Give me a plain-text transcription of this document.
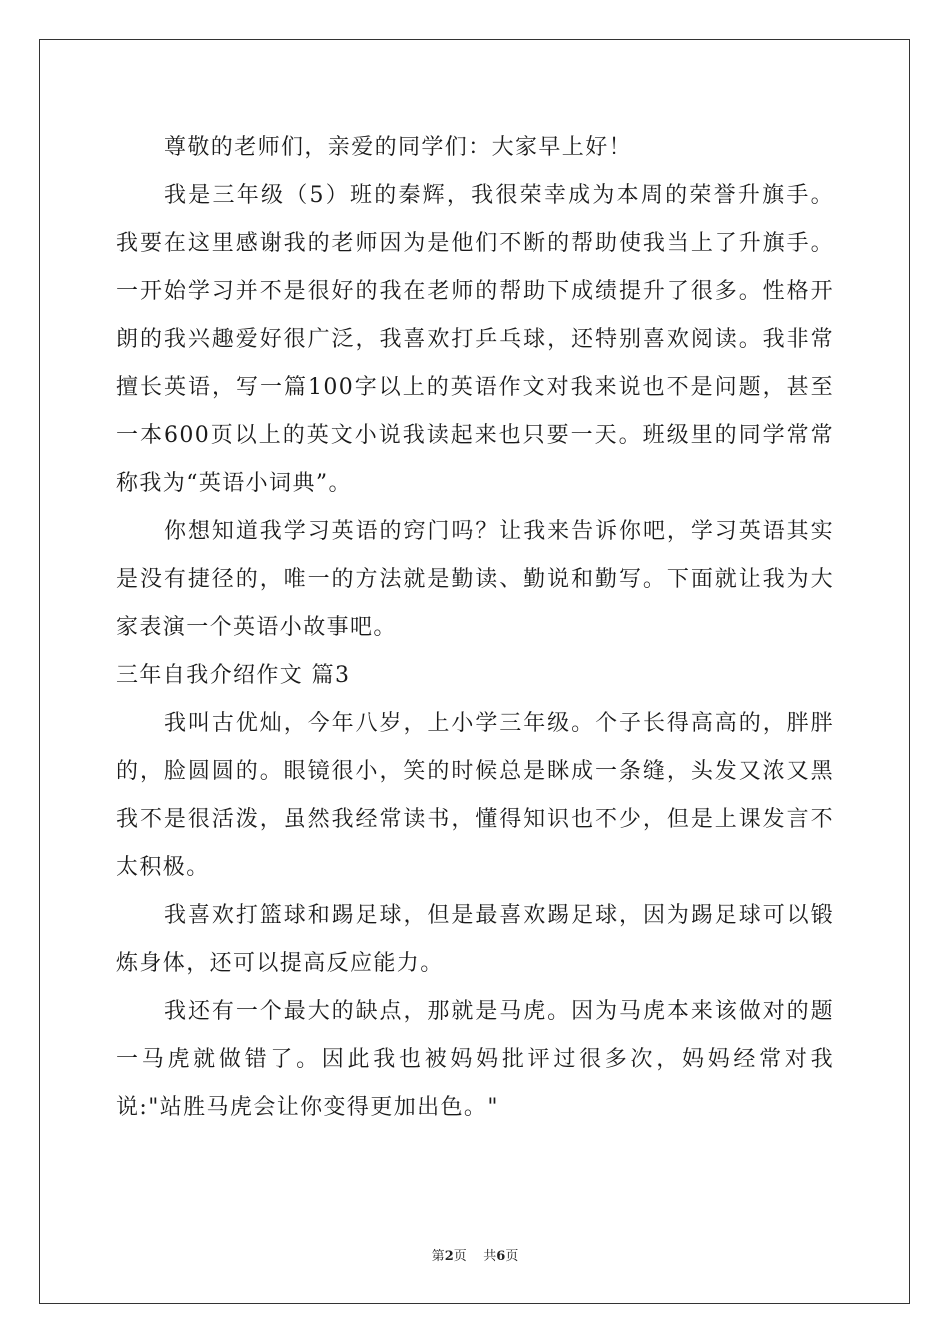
尊敬的老师们，亲爱的同学们：大家早上好！

我是三年级（5）班的秦辉，我很荣幸成为本周的荣誉升旗手。我要在这里感谢我的老师因为是他们不断的帮助使我当上了升旗手。一开始学习并不是很好的我在老师的帮助下成绩提升了很多。性格开朗的我兴趣爱好很广泛，我喜欢打乒乓球，还特别喜欢阅读。我非常擅长英语，写一篇100字以上的英语作文对我来说也不是问题，甚至一本600页以上的英文小说我读起来也只要一天。班级里的同学常常称我为“英语小词典”。

你想知道我学习英语的窍门吗？让我来告诉你吧，学习英语其实是没有捷径的，唯一的方法就是勤读、勤说和勤写。下面就让我为大家表演一个英语小故事吧。

三年自我介绍作文 篇3

我叫古优灿，今年八岁，上小学三年级。个子长得高高的，胖胖的，脸圆圆的。眼镜很小，笑的时候总是眯成一条缝，头发又浓又黑我不是很活泼，虽然我经常读书，懂得知识也不少，但是上课发言不太积极。

我喜欢打篮球和踢足球，但是最喜欢踢足球，因为踢足球可以锻炼身体，还可以提高反应能力。

我还有一个最大的缺点，那就是马虎。因为马虎本来该做对的题一马虎就做错了。因此我也被妈妈批评过很多次，妈妈经常对我说:"站胜马虎会让你变得更加出色。"

第2页    共6页
